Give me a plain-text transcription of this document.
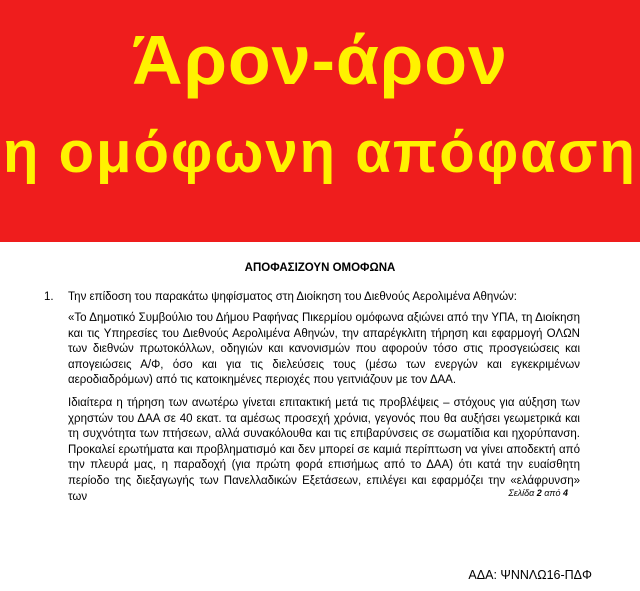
Άρον-άρον
η ομόφωνη απόφαση
ΑΠΟΦΑΣΙΖΟΥΝ ΟΜΟΦΩΝΑ
1. Την επίδοση του παρακάτω ψηφίσματος στη Διοίκηση του Διεθνούς Αερολιμένα Αθηνών:

«Το Δημοτικό Συμβούλιο του Δήμου Ραφήνας Πικερμίου ομόφωνα αξιώνει από την ΥΠΑ, τη Διοίκηση και τις Υπηρεσίες του Διεθνούς Αερολιμένα Αθηνών, την απαρέγκλιτη τήρηση και εφαρμογή ΟΛΩΝ των διεθνών πρωτοκόλλων, οδηγιών και κανονισμών που αφορούν τόσο στις προσγειώσεις και απογειώσεις Α/Φ, όσο και για τις διελεύσεις τους (μέσω των ενεργών και εγκεκριμένων αεροδιαδρόμων) από τις κατοικημένες περιοχές που γειτνιάζουν με τον ΔΑΑ.

Ιδιαίτερα η τήρηση των ανωτέρω γίνεται επιτακτική μετά τις προβλέψεις – στόχους για αύξηση των χρηστών του ΔΑΑ σε 40 εκατ. τα αμέσως προσεχή χρόνια, γεγονός που θα αυξήσει γεωμετρικά και τη συχνότητα των πτήσεων, αλλά συνακόλουθα και τις επιβαρύνσεις σε σωματίδια και ηχορύπανση. Προκαλεί ερωτήματα και προβληματισμό και δεν μπορεί σε καμιά περίπτωση να γίνει αποδεκτή από την πλευρά μας, η παραδοχή (για πρώτη φορά επισήμως από το ΔΑΑ) ότι κατά την ευαίσθητη περίοδο της διεξαγωγής των Πανελλαδικών Εξετάσεων, επιλέγει και εφαρμόζει την «ελάφρυνση» των	Σελίδα 2 από 4
ΑΔΑ: ΨΝΝΛΩ16-ΠΔΦ
